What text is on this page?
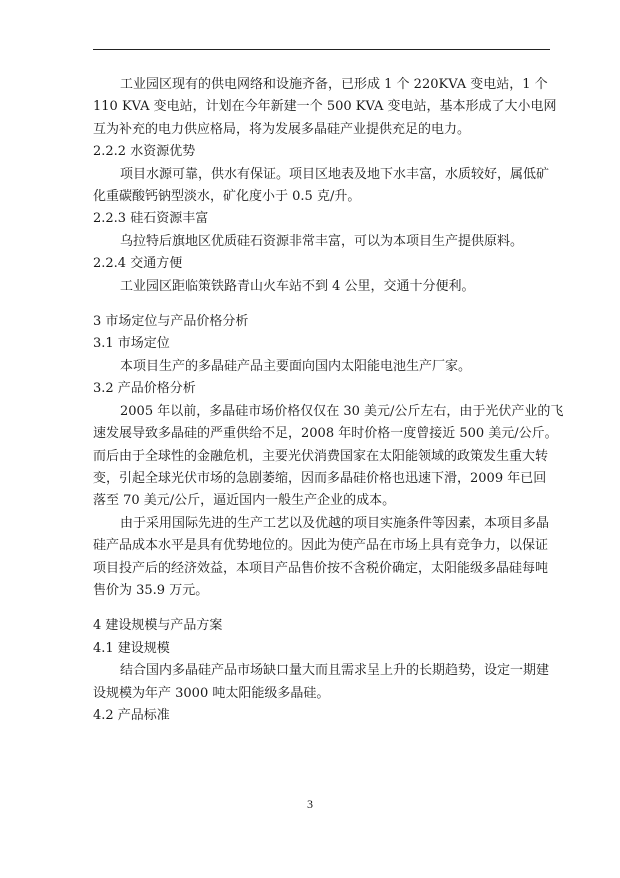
工业园区现有的供电网络和设施齐备，已形成 1 个 220KVA 变电站，1 个

110 KVA 变电站，计划在今年新建一个 500 KVA 变电站，基本形成了大小电网

互为补充的电力供应格局，将为发展多晶硅产业提供充足的电力。

2.2.2 水资源优势

项目水源可靠，供水有保证。项目区地表及地下水丰富，水质较好，属低矿

化重碳酸钙钠型淡水，矿化度小于 0.5 克/升。

2.2.3 硅石资源丰富

乌拉特后旗地区优质硅石资源非常丰富，可以为本项目生产提供原料。

2.2.4 交通方便

工业园区距临策铁路青山火车站不到 4 公里，交通十分便利。

3 市场定位与产品价格分析

3.1 市场定位

本项目生产的多晶硅产品主要面向国内太阳能电池生产厂家。

3.2 产品价格分析

2005 年以前，多晶硅市场价格仅仅在 30 美元/公斤左右，由于光伏产业的飞

速发展导致多晶硅的严重供给不足，2008 年时价格一度曾接近 500 美元/公斤。

而后由于全球性的金融危机，主要光伏消费国家在太阳能领域的政策发生重大转

变，引起全球光伏市场的急剧萎缩，因而多晶硅价格也迅速下滑，2009 年已回

落至 70 美元/公斤，逼近国内一般生产企业的成本。

由于采用国际先进的生产工艺以及优越的项目实施条件等因素，本项目多晶

硅产品成本水平是具有优势地位的。因此为使产品在市场上具有竞争力，以保证

项目投产后的经济效益，本项目产品售价按不含税价确定，太阳能级多晶硅每吨

售价为 35.9 万元。

4 建设规模与产品方案

4.1 建设规模

结合国内多晶硅产品市场缺口量大而且需求呈上升的长期趋势，设定一期建

设规模为年产 3000 吨太阳能级多晶硅。

4.2 产品标准

3
